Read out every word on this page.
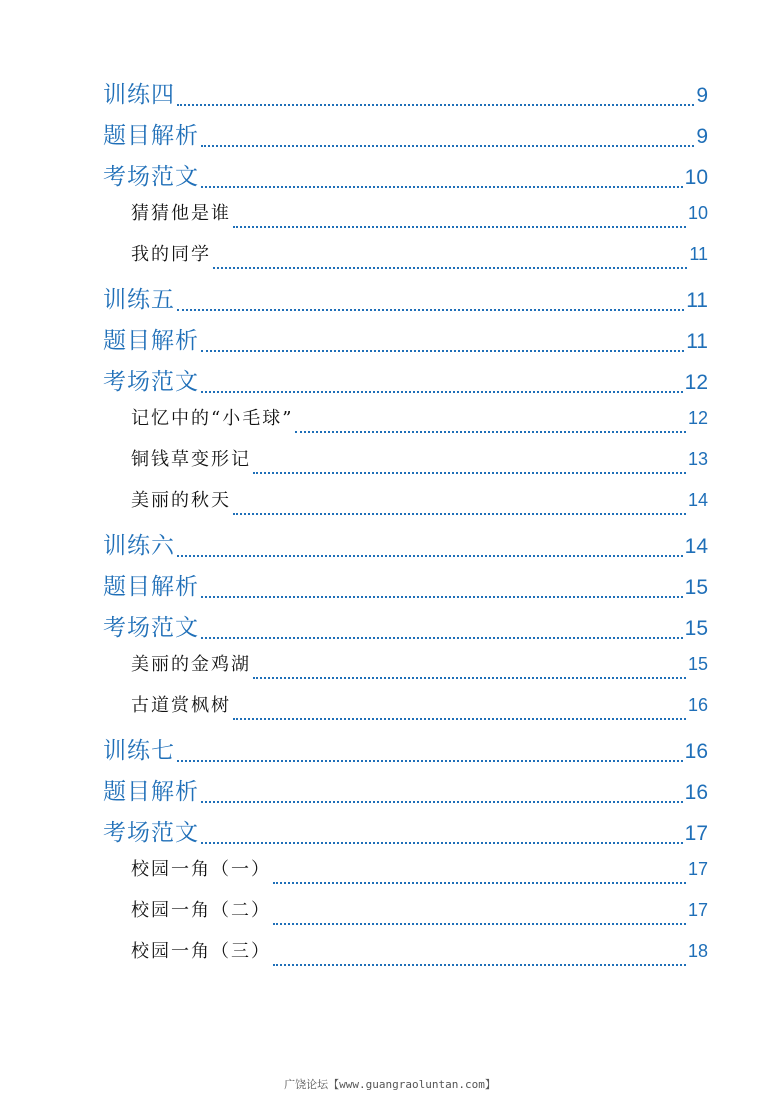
训练四	9
题目解析	9
考场范文	10
猜猜他是谁	10
我的同学	11
训练五	11
题目解析	11
考场范文	12
记忆中的“小毛球”	12
铜钱草变形记	13
美丽的秋天	14
训练六	14
题目解析	15
考场范文	15
美丽的金鸡湖	15
古道赏枫树	16
训练七	16
题目解析	16
考场范文	17
校园一角（一）	17
校园一角（二）	17
校园一角（三）	18
广饶论坛【www.guangraoluntan.com】
